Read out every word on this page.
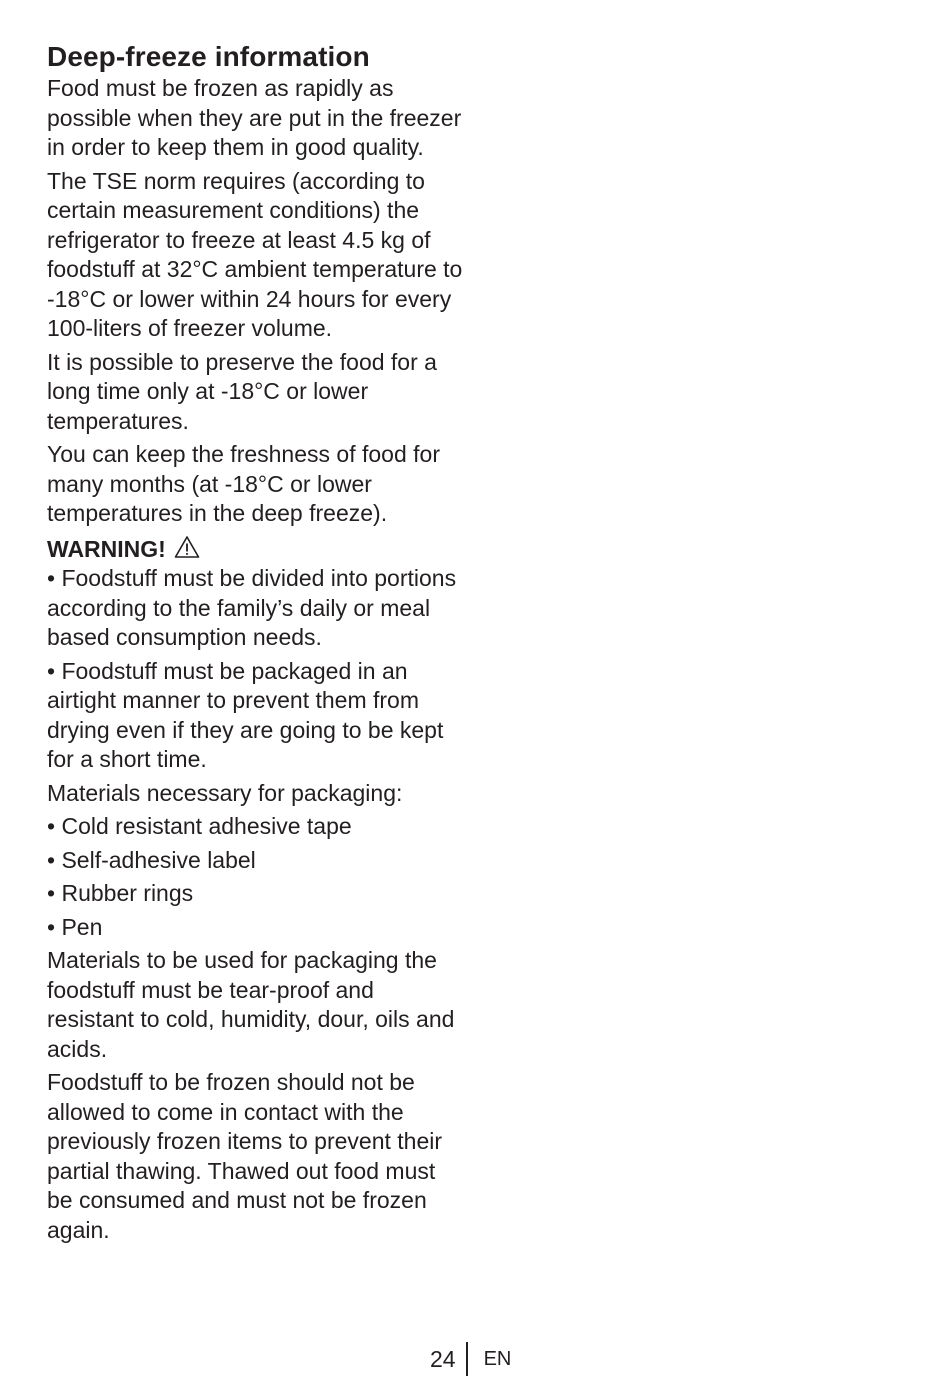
Deep-freeze information

Food must be frozen as rapidly as possible when they are put in the freezer in order to keep them in good quality.

The TSE norm requires (according to certain measurement conditions) the refrigerator to freeze at least 4.5 kg of foodstuff at 32°C ambient temperature to -18°C or lower within 24 hours for every 100-liters of freezer volume.

It is possible to preserve the food for a long time only at -18°C or lower temperatures.

You can keep the freshness of food for many months (at -18°C or lower temperatures in the deep freeze).

WARNING!

• Foodstuff must be divided into portions according to the family’s daily or meal based consumption needs.

• Foodstuff must be packaged in an airtight manner to prevent them from drying even if they are going to be kept for a short time.

Materials necessary for packaging:

• Cold resistant adhesive tape

• Self-adhesive label

• Rubber rings

• Pen

Materials to be used for packaging the foodstuff must be tear-proof and resistant to cold, humidity, dour, oils and acids.

Foodstuff to be frozen should not be allowed to come in contact with the previously frozen items to prevent their partial thawing. Thawed out food must be consumed and must not be frozen again.

24 EN
